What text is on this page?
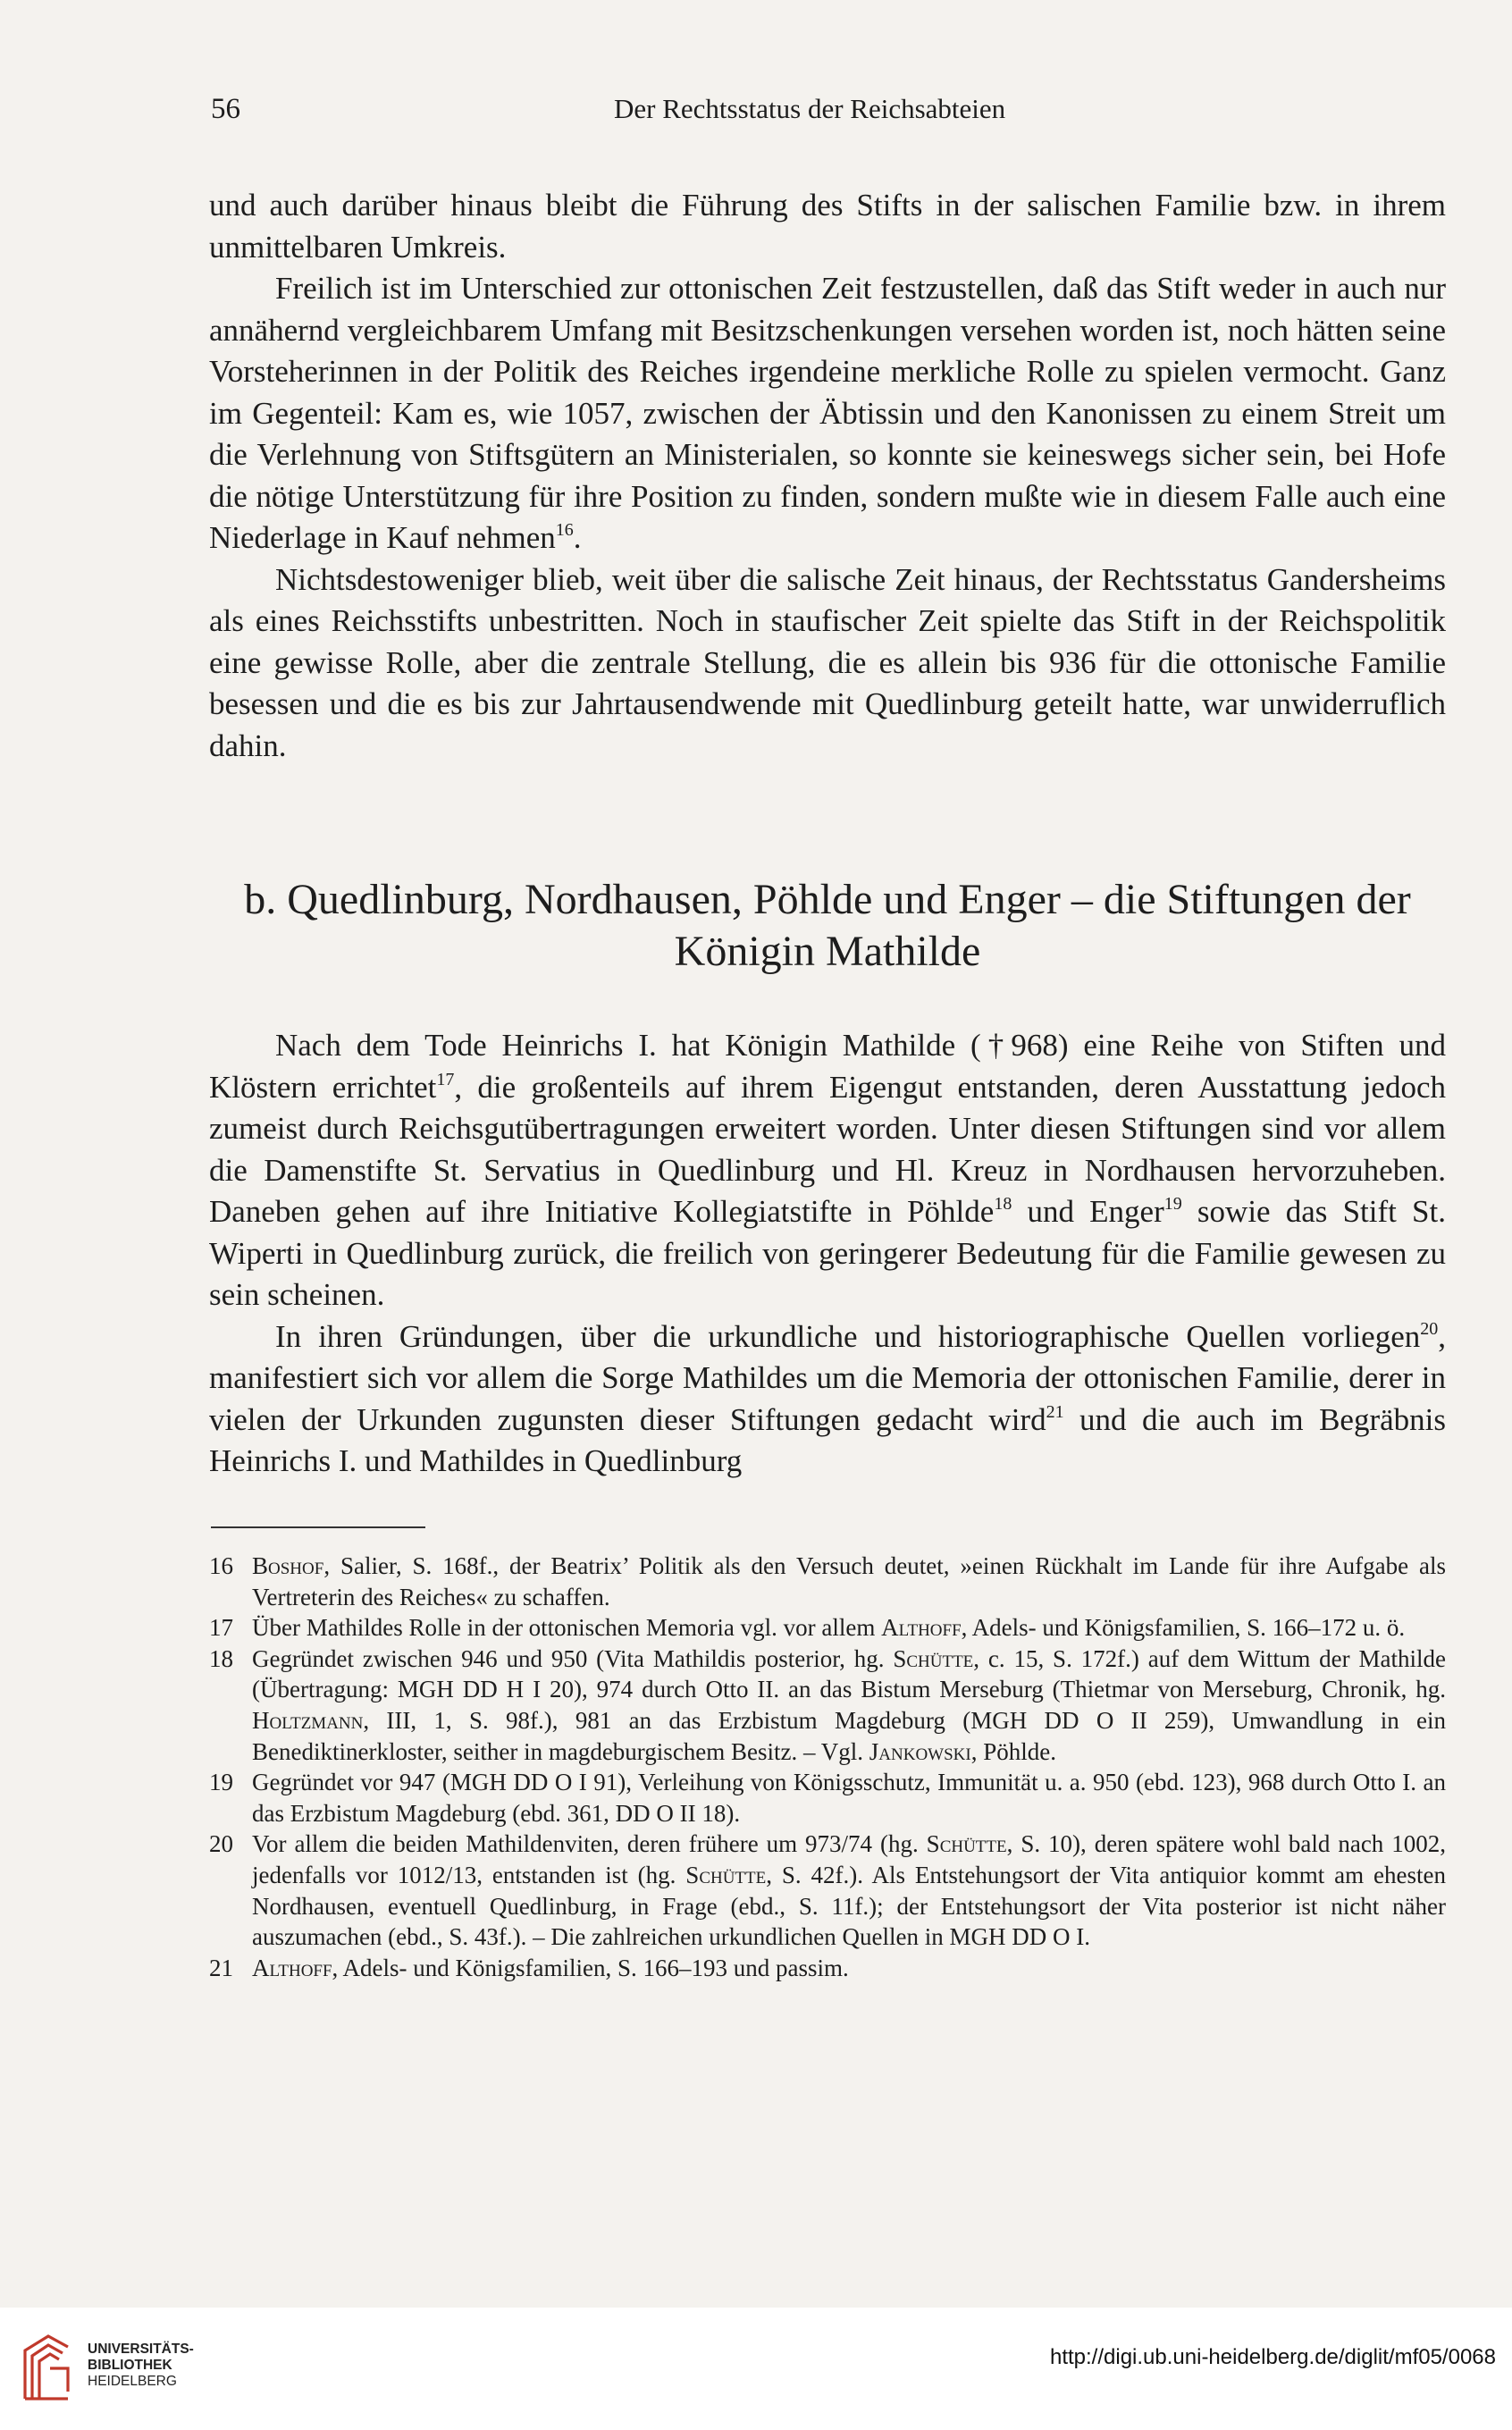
56	Der Rechtsstatus der Reichsabteien

und auch darüber hinaus bleibt die Führung des Stifts in der salischen Familie bzw. in ihrem unmittelbaren Umkreis.

Freilich ist im Unterschied zur ottonischen Zeit festzustellen, daß das Stift weder in auch nur annähernd vergleichbarem Umfang mit Besitzschenkungen versehen worden ist, noch hätten seine Vorsteherinnen in der Politik des Reiches irgendeine merkliche Rolle zu spielen vermocht. Ganz im Gegenteil: Kam es, wie 1057, zwischen der Äbtissin und den Kanonissen zu einem Streit um die Verlehnung von Stiftsgütern an Ministerialen, so konnte sie keineswegs sicher sein, bei Hofe die nötige Unterstützung für ihre Position zu finden, sondern mußte wie in diesem Falle auch eine Niederlage in Kauf nehmen$^{16}$.

Nichtsdestoweniger blieb, weit über die salische Zeit hinaus, der Rechtsstatus Gandersheims als eines Reichsstifts unbestritten. Noch in staufischer Zeit spielte das Stift in der Reichspolitik eine gewisse Rolle, aber die zentrale Stellung, die es allein bis 936 für die ottonische Familie besessen und die es bis zur Jahrtausendwende mit Quedlinburg geteilt hatte, war unwiderruflich dahin.

b. Quedlinburg, Nordhausen, Pöhlde und Enger – die Stiftungen der Königin Mathilde

Nach dem Tode Heinrichs I. hat Königin Mathilde (†968) eine Reihe von Stiften und Klöstern errichtet$^{17}$, die großenteils auf ihrem Eigengut entstanden, deren Ausstattung jedoch zumeist durch Reichsgutübertragungen erweitert worden. Unter diesen Stiftungen sind vor allem die Damenstifte St. Servatius in Quedlinburg und Hl. Kreuz in Nordhausen hervorzuheben. Daneben gehen auf ihre Initiative Kollegiatstifte in Pöhlde$^{18}$ und Enger$^{19}$ sowie das Stift St. Wiperti in Quedlinburg zurück, die freilich von geringerer Bedeutung für die Familie gewesen zu sein scheinen.

In ihren Gründungen, über die urkundliche und historiographische Quellen vorliegen$^{20}$, manifestiert sich vor allem die Sorge Mathildes um die Memoria der ottonischen Familie, derer in vielen der Urkunden zugunsten dieser Stiftungen gedacht wird$^{21}$ und die auch im Begräbnis Heinrichs I. und Mathildes in Quedlinburg

16 Boshof, Salier, S. 168f., der Beatrix’ Politik als den Versuch deutet, »einen Rückhalt im Lande für ihre Aufgabe als Vertreterin des Reiches« zu schaffen.

17 Über Mathildes Rolle in der ottonischen Memoria vgl. vor allem Althoff, Adels- und Königsfamilien, S. 166–172 u. ö.

18 Gegründet zwischen 946 und 950 (Vita Mathildis posterior, hg. Schütte, c. 15, S. 172f.) auf dem Wittum der Mathilde (Übertragung: MGH DD H I 20), 974 durch Otto II. an das Bistum Merseburg (Thietmar von Merseburg, Chronik, hg. Holtzmann, III, 1, S. 98f.), 981 an das Erzbistum Magdeburg (MGH DD O II 259), Umwandlung in ein Benediktinerkloster, seither in magdeburgischem Besitz. – Vgl. Jankowski, Pöhlde.

19 Gegründet vor 947 (MGH DD O I 91), Verleihung von Königsschutz, Immunität u. a. 950 (ebd. 123), 968 durch Otto I. an das Erzbistum Magdeburg (ebd. 361, DD O II 18).

20 Vor allem die beiden Mathildenviten, deren frühere um 973/74 (hg. Schütte, S. 10), deren spätere wohl bald nach 1002, jedenfalls vor 1012/13, entstanden ist (hg. Schütte, S. 42f.). Als Entstehungsort der Vita antiquior kommt am ehesten Nordhausen, eventuell Quedlinburg, in Frage (ebd., S. 11f.); der Entstehungsort der Vita posterior ist nicht näher auszumachen (ebd., S. 43f.). – Die zahlreichen urkundlichen Quellen in MGH DD O I.

21 Althoff, Adels- und Königsfamilien, S. 166–193 und passim.

UNIVERSITÄTS-
BIBLIOTHEK
HEIDELBERG
http://digi.ub.uni-heidelberg.de/diglit/mf05/0068
